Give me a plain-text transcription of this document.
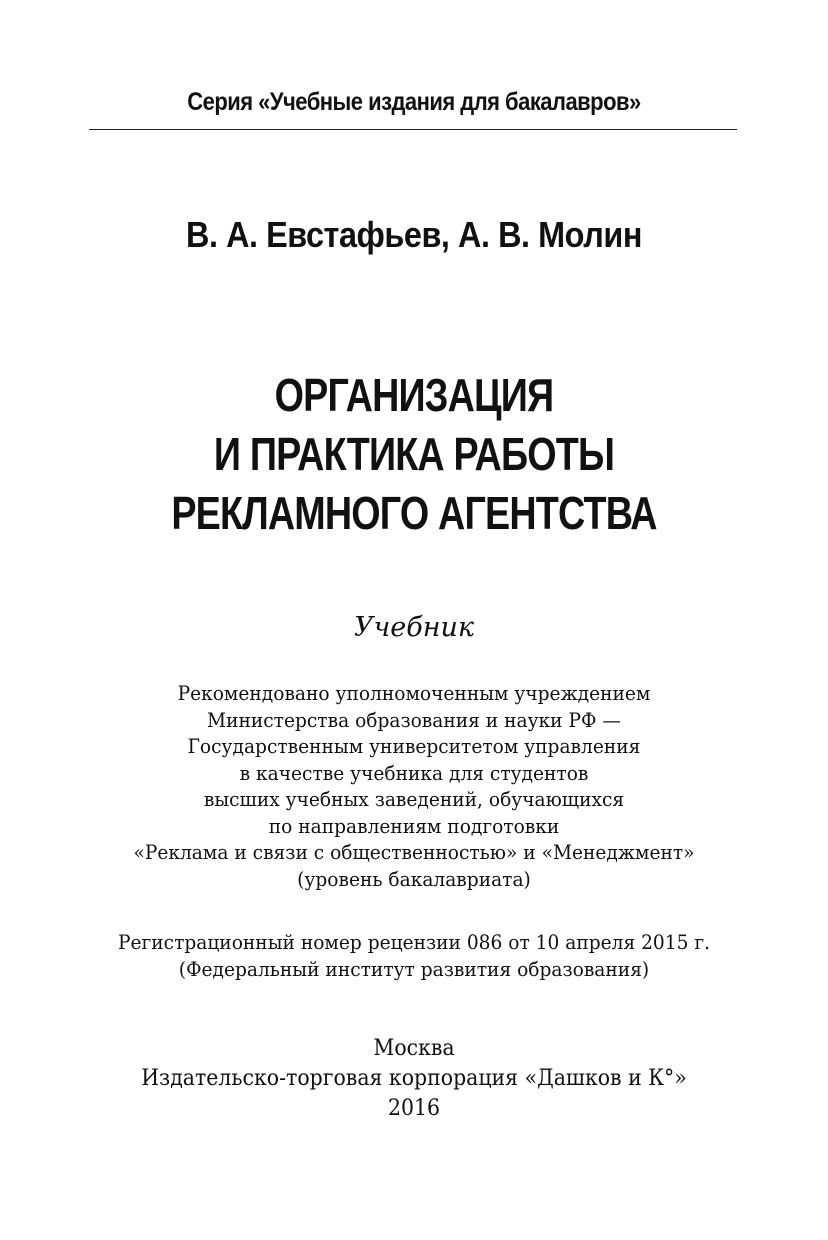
Серия «Учебные издания для бакалавров»
В. А. Евстафьев, А. В. Молин
ОРГАНИЗАЦИЯ
И ПРАКТИКА РАБОТЫ
РЕКЛАМНОГО АГЕНТСТВА
Учебник
Рекомендовано уполномоченным учреждением
Министерства образования и науки РФ —
Государственным университетом управления
в качестве учебника для студентов
высших учебных заведений, обучающихся
по направлениям подготовки
«Реклама и связи с общественностью» и «Менеджмент»
(уровень бакалавриата)
Регистрационный номер рецензии 086 от 10 апреля 2015 г.
(Федеральный институт развития образования)
Москва
Издательско-торговая корпорация «Дашков и К°»
2016
